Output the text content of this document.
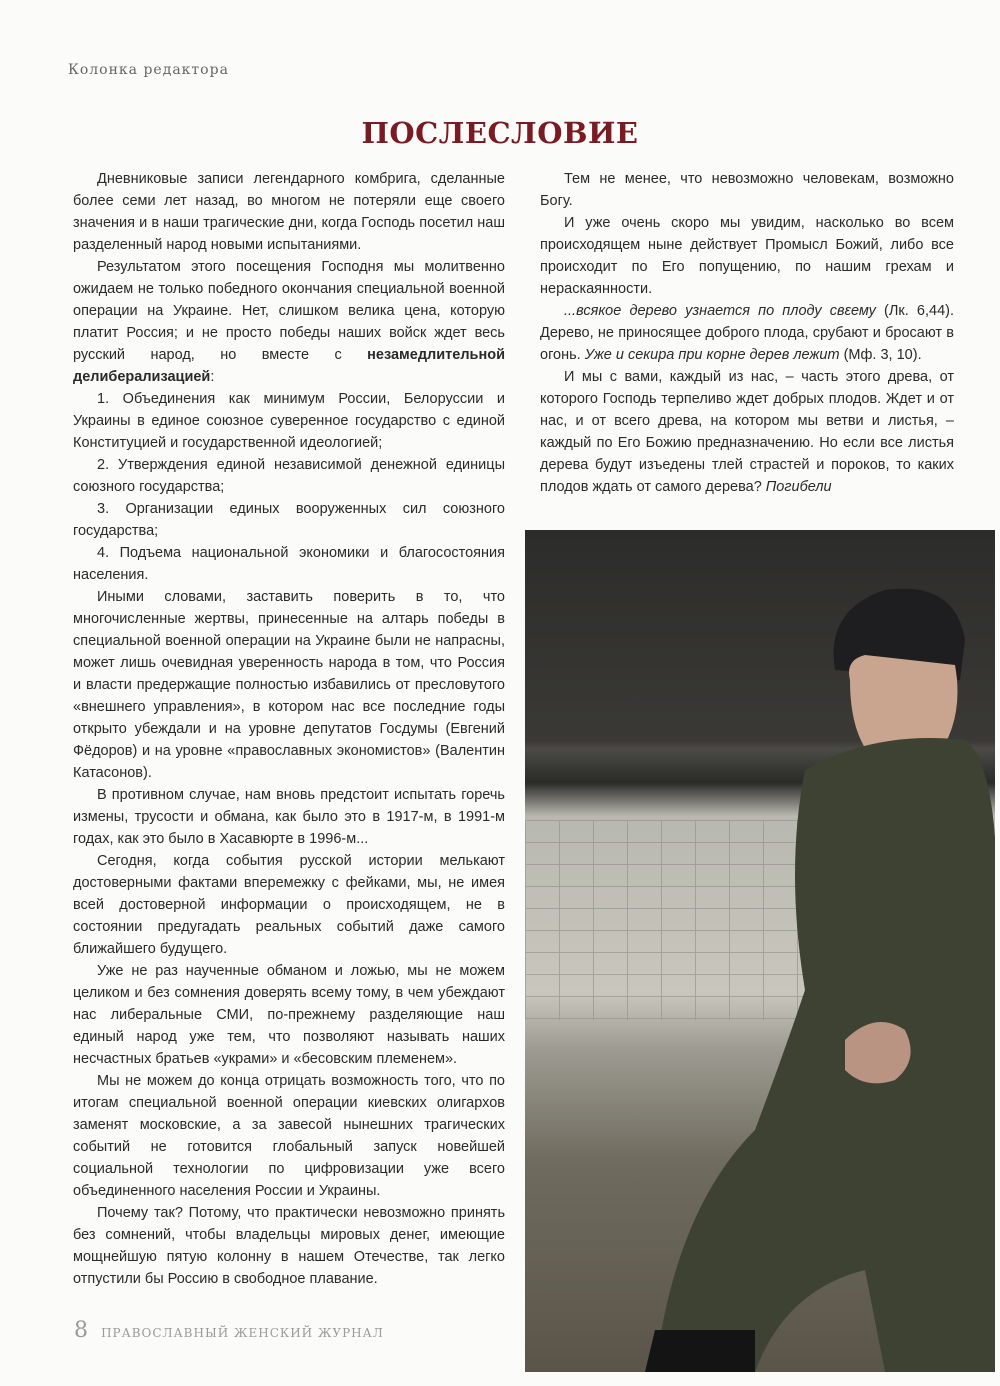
Колонка редактора
ПОСЛЕСЛОВИЕ

Дневниковые записи легендарного комбрига, сделанные более семи лет назад, во многом не потеряли еще своего значения и в наши трагические дни, когда Господь посетил наш разделенный народ новыми испытаниями.

Результатом этого посещения Господня мы молитвенно ожидаем не только победного окончания специальной военной операции на Украине. Нет, слишком велика цена, которую платит Россия; и не просто победы наших войск ждет весь русский народ, но вместе с незамедлительной делиберализацией:

1. Объединения как минимум России, Белоруссии и Украины в единое союзное суверенное государство с единой Конституцией и государственной идеологией;

2. Утверждения единой независимой денежной единицы союзного государства;

3. Организации единых вооруженных сил союзного государства;

4. Подъема национальной экономики и благосостояния населения.

Иными словами, заставить поверить в то, что многочисленные жертвы, принесенные на алтарь победы в специальной военной операции на Украине были не напрасны, может лишь очевидная уверенность народа в том, что Россия и власти предержащие полностью избавились от пресловутого «внешнего управления», в котором нас все последние годы открыто убеждали и на уровне депутатов Госдумы (Евгений Фёдоров) и на уровне «православных экономистов» (Валентин Катасонов).

В противном случае, нам вновь предстоит испытать горечь измены, трусости и обмана, как было это в 1917-м, в 1991-м годах, как это было в Хасавюрте в 1996-м...

Сегодня, когда события русской истории мелькают достоверными фактами вперемежку с фейками, мы, не имея всей достоверной информации о происходящем, не в состоянии предугадать реальных событий даже самого ближайшего будущего.

Уже не раз наученные обманом и ложью, мы не можем целиком и без сомнения доверять всему тому, в чем убеждают нас либеральные СМИ, по-прежнему разделяющие наш единый народ уже тем, что позволяют называть наших несчастных братьев «украми» и «бесовским племенем».

Мы не можем до конца отрицать возможность того, что по итогам специальной военной операции киевских олигархов заменят московские, а за завесой нынешних трагических событий не готовится глобальный запуск новейшей социальной технологии по цифровизации уже всего объединенного населения России и Украины.

Почему так? Потому, что практически невозможно принять без сомнений, чтобы владельцы мировых денег, имеющие мощнейшую пятую колонну в нашем Отечестве, так легко отпустили бы Россию в свободное плавание.

Тем не менее, что невозможно человекам, возможно Богу.

И уже очень скоро мы увидим, насколько во всем происходящем ныне действует Промысл Божий, либо все происходит по Его попущению, по нашим грехам и нераскаянности.

...всякое дерево узнается по плоду свεему (Лк. 6,44). Дерево, не приносящее доброго плода, срубают и бросают в огонь. Уже и секира при корне дерев лежит (Мф. 3, 10).

И мы с вами, каждый из нас, – часть этого древа, от которого Господь терпеливо ждет добрых плодов. Ждет и от нас, и от всего древа, на котором мы ветви и листья, – каждый по Его Божию предназначению. Но если все листья дерева будут изъедены тлей страстей и пороков, то каких плодов ждать от самого дерева? Погибели

8 ПРАВОСЛАВНЫЙ ЖЕНСКИЙ ЖУРНАЛ
